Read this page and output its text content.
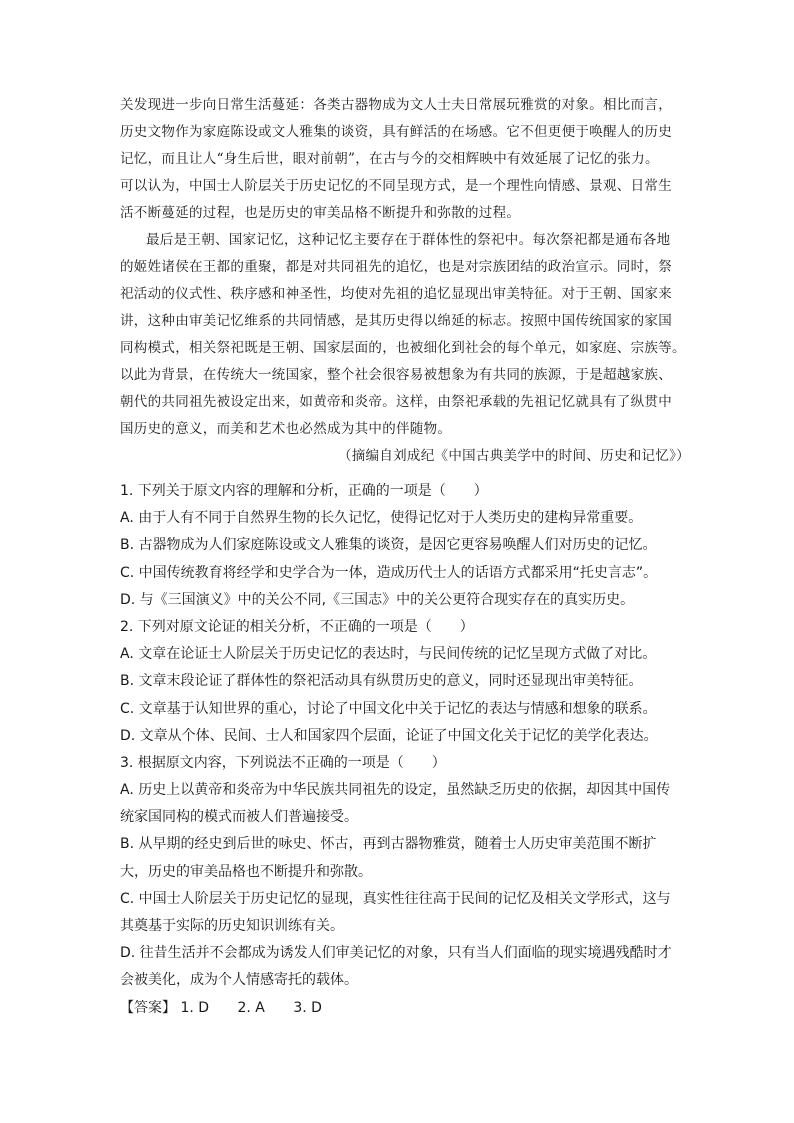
关发现进一步向日常生活蔓延：各类古器物成为文人士夫日常展玩雅赏的对象。相比而言，
历史文物作为家庭陈设或文人雅集的谈资，具有鲜活的在场感。它不但更便于唤醒人的历史
记忆，而且让人“身生后世，眼对前朝”，在古与今的交相辉映中有效延展了记忆的张力。
可以认为，中国士人阶层关于历史记忆的不同呈现方式，是一个理性向情感、景观、日常生
活不断蔓延的过程，也是历史的审美品格不断提升和弥散的过程。
最后是王朝、国家记忆，这种记忆主要存在于群体性的祭祀中。每次祭祀都是通布各地
的姬姓诸侯在王都的重聚，都是对共同祖先的追忆，也是对宗族团结的政治宣示。同时，祭
祀活动的仪式性、秩序感和神圣性，均使对先祖的追忆显现出审美特征。对于王朝、国家来
讲，这种由审美记忆维系的共同情感，是其历史得以绵延的标志。按照中国传统国家的家国
同构模式，相关祭祀既是王朝、国家层面的，也被细化到社会的每个单元，如家庭、宗族等。
以此为背景，在传统大一统国家，整个社会很容易被想象为有共同的族源，于是超越家族、
朝代的共同祖先被设定出来，如黄帝和炎帝。这样，由祭祀承载的先祖记忆就具有了纵贯中
国历史的意义，而美和艺术也必然成为其中的伴随物。
（摘编自刘成纪《中国古典美学中的时间、历史和记忆》）
1. 下列关于原文内容的理解和分析，正确的一项是（　　）
A. 由于人有不同于自然界生物的长久记忆，使得记忆对于人类历史的建构异常重要。
B. 古器物成为人们家庭陈设或文人雅集的谈资，是因它更容易唤醒人们对历史的记忆。
C. 中国传统教育将经学和史学合为一体，造成历代士人的话语方式都采用“托史言志”。
D. 与《三国演义》中的关公不同,《三国志》中的关公更符合现实存在的真实历史。
2. 下列对原文论证的相关分析，不正确的一项是（　　）
A. 文章在论证士人阶层关于历史记忆的表达时，与民间传统的记忆呈现方式做了对比。
B. 文章末段论证了群体性的祭祀活动具有纵贯历史的意义，同时还显现出审美特征。
C. 文章基于认知世界的重心，讨论了中国文化中关于记忆的表达与情感和想象的联系。
D. 文章从个体、民间、士人和国家四个层面，论证了中国文化关于记忆的美学化表达。
3. 根据原文内容，下列说法不正确的一项是（　　）
A. 历史上以黄帝和炎帝为中华民族共同祖先的设定，虽然缺乏历史的依据，却因其中国传
统家国同构的模式而被人们普遍接受。
B. 从早期的经史到后世的咏史、怀古，再到古器物雅赏，随着士人历史审美范围不断扩
大，历史的审美品格也不断提升和弥散。
C. 中国士人阶层关于历史记忆的显现，真实性往往高于民间的记忆及相关文学形式，这与
其奠基于实际的历史知识训练有关。
D. 往昔生活并不会都成为诱发人们审美记忆的对象，只有当人们面临的现实境遇残酷时才
会被美化，成为个人情感寄托的载体。
【答案】 1. D 2. A 3. D
